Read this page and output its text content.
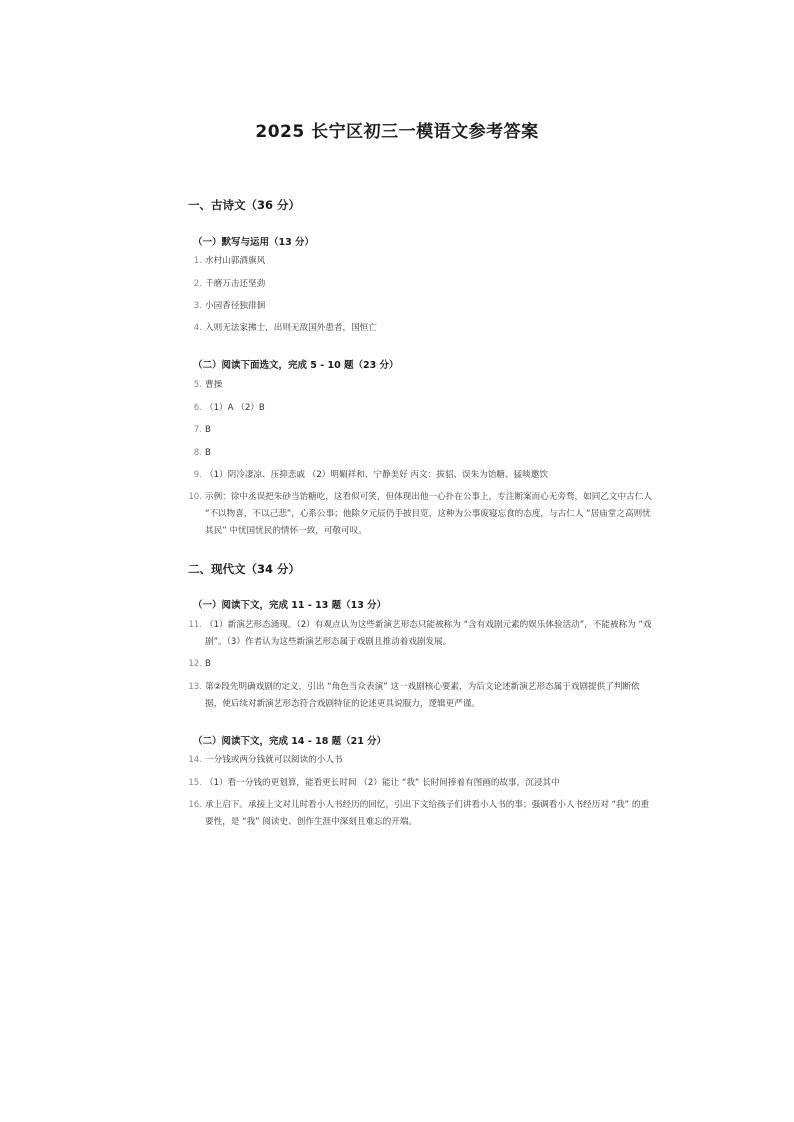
2025 长宁区初三一模语文参考答案
一、古诗文（36 分）
（一）默写与运用（13 分）
1. 水村山郭酒旗风
2. 千磨万击还坚劲
3. 小园香径独徘徊
4. 入则无法家拂士，出则无敌国外患者，国恒亡
（二）阅读下面选文，完成 5 - 10 题（23 分）
5. 曹操
6. （1）A （2）B
7. B
8. B
9. （1）阴冷凄凉、压抑悲戚 （2）明媚祥和、宁静美好 丙文：拔貂、误朱为饴糖、猛啖邀饮
10. 示例：徐中丞误把朱砂当饴糖吃，这看似可笑，但体现出他一心扑在公事上，专注断案而心无旁骛，如同乙文中古仁人 “不以物喜，不以己悲”，心系公事；他除夕元辰仍手披目览，这种为公事废寝忘食的态度，与古仁人 “居庙堂之高则忧其民” 中忧国忧民的情怀一致，可敬可叹。
二、现代文（34 分）
（一）阅读下文，完成 11 - 13 题（13 分）
11. （1）新演艺形态涌现。（2）有观点认为这些新演艺形态只能被称为 “含有戏剧元素的娱乐体验活动”，不能被称为 “戏剧”。（3）作者认为这些新演艺形态属于戏剧且推动着戏剧发展。
12. B
13. 第②段先明确戏剧的定义，引出 “角色当众表演” 这一戏剧核心要素，为后文论述新演艺形态属于戏剧提供了判断依据，使后续对新演艺形态符合戏剧特征的论述更具说服力，逻辑更严谨。
（二）阅读下文，完成 14 - 18 题（21 分）
14. 一分钱或两分钱就可以阅读的小人书
15. （1）看一分钱的更划算，能看更长时间 （2）能让 “我” 长时间捧着有图画的故事，沉浸其中
16. 承上启下。承接上文对儿时看小人书经历的回忆，引出下文给孩子们讲看小人书的事；强调看小人书经历对 “我” 的重要性，是 “我” 阅读史、创作生涯中深刻且难忘的开端。
